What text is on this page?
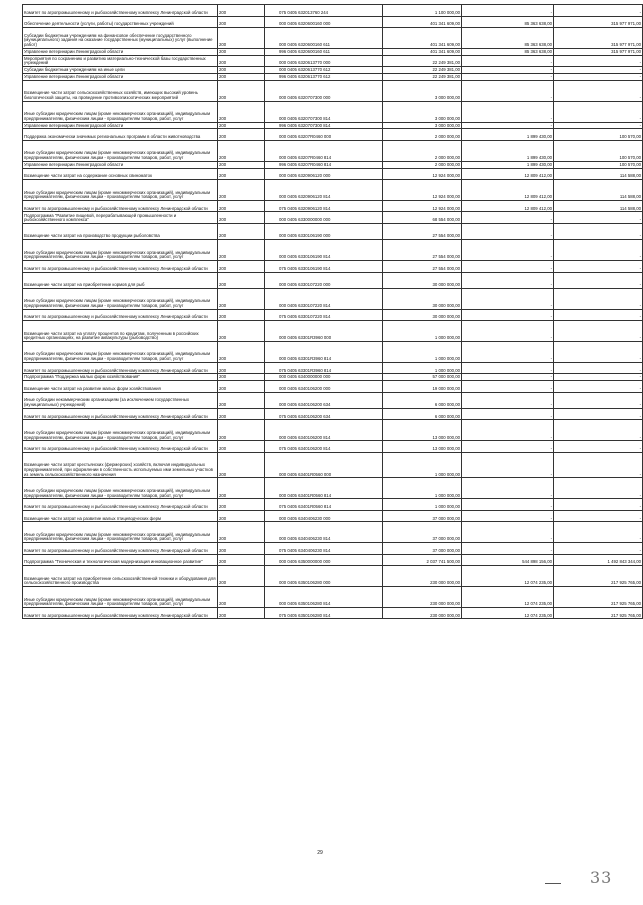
Комитет по агропромышленному и рыбохозяйственному комплексу Ленинградской области	200	075 0405 632013760 244	1 100 000,00	-	-
Обеспечение деятельности (услуги, работы) государственных учреждений	200	000 0405 6320600160 000	401 341 609,00	85 363 638,00	315 977 971,00
Субсидии бюджетным учреждениям на финансовое обеспечение государственного (муниципального) задания на оказание государственных (муниципальных) услуг (выполнение работ)	200	000 0405 6320600160 611	401 341 609,00	85 363 638,00	315 977 971,00
Управление ветеринарии Ленинградской области	200	996 0405 6320600160 611	401 341 609,00	85 363 638,00	315 977 971,00
Мероприятия по сохранению и развитию материально-технической базы государственных учреждений	200	000 0405 6320613770 000	22 249 381,00	-	-
Субсидии бюджетным учреждениям на иные цели	200	000 0405 6320613770 612	22 249 381,00	-	-
Управление ветеринарии Ленинградской области	200	996 0405 6320613770 612	22 249 381,00	-	-
Возмещение части затрат сельскохозяйственных хозяйств, имеющих высокий уровень биологической защиты, на проведение противоэпизоотических мероприятий	200	000 0405 6320707300 000	3 000 000,00	-	-
Иные субсидии юридическим лицам (кроме некоммерческих организаций), индивидуальным предпринимателям, физическим лицам - производителям товаров, работ, услуг	200	000 0405 6320707300 814	3 000 000,00	-	-
Управление ветеринарии Ленинградской области	200	996 0405 6320707300 814	3 000 000,00	-	-
Поддержка экономически значимых региональных программ в области животноводства	200	000 0405 63207R0460 000	2 000 000,00	1 899 430,00	100 570,00
Иные субсидии юридическим лицам (кроме некоммерческих организаций), индивидуальным предпринимателям, физическим лицам - производителям товаров, работ, услуг	200	000 0405 63207R0460 814	2 000 000,00	1 899 430,00	100 570,00
Управление ветеринарии Ленинградской области	200	996 0405 63207R0460 814	2 000 000,00	1 899 430,00	100 570,00
Возмещение части затрат на содержание основных свиноматок	200	000 0405 6320906120 000	12 924 000,00	12 809 412,00	114 588,00
Иные субсидии юридическим лицам (кроме некоммерческих организаций), индивидуальным предпринимателям, физическим лицам - производителям товаров, работ, услуг	200	000 0405 6320906120 814	12 924 000,00	12 809 412,00	114 588,00
Комитет по агропромышленному и рыбохозяйственному комплексу Ленинградской области	200	075 0405 6320906120 814	12 924 000,00	12 809 412,00	114 588,00
Подпрограмма "Развитие пищевой, перерабатывающей промышленности и рыбохозяйственного комплекса"	200	000 0405 6330000000 000	68 554 000,00	-	-
Возмещение части затрат на производство продукции рыболовства	200	000 0405 6330106190 000	27 554 000,00	-	-
Иные субсидии юридическим лицам (кроме некоммерческих организаций), индивидуальным предпринимателям, физическим лицам - производителям товаров, работ, услуг	200	000 0405 6330106190 814	27 554 000,00	-	-
Комитет по агропромышленному и рыбохозяйственному комплексу Ленинградской области	200	075 0405 6330106190 814	27 554 000,00	-	-
Возмещение части затрат на приобретение кормов для рыб	200	000 0405 6330107220 000	30 000 000,00	-	-
Иные субсидии юридическим лицам (кроме некоммерческих организаций), индивидуальным предпринимателям, физическим лицам - производителям товаров, работ, услуг	200	000 0405 6330107220 814	30 000 000,00	-	-
Комитет по агропромышленному и рыбохозяйственному комплексу Ленинградской области	200	075 0405 6330107220 814	30 000 000,00	-	-
Возмещение части затрат на уплату процентов по кредитам, полученным в российских кредитных организациях, на развитие аквакультуры (рыбоводство)	200	000 0405 63301R3960 000	1 000 000,00	-	-
Иные субсидии юридическим лицам (кроме некоммерческих организаций), индивидуальным предпринимателям, физическим лицам - производителям товаров, работ, услуг	200	000 0405 63301R3960 814	1 000 000,00	-	-
Комитет по агропромышленному и рыбохозяйственному комплексу Ленинградской области	200	075 0405 63301R3960 814	1 000 000,00	-	-
Подпрограмма "Поддержка малых форм хозяйствования"	200	000 0405 6340000000 000	57 000 000,00	-	-
Возмещение части затрат на развитие малых форм хозяйствования	200	000 0405 6340106200 000	19 000 000,00	-	-
Иные субсидии некоммерческим организациям (за исключением государственных (муниципальных) учреждений)	200	000 0405 6340106200 634	6 000 000,00	-	-
Комитет по агропромышленному и рыбохозяйственному комплексу Ленинградской области	200	075 0405 6340106200 634	6 000 000,00	-	-
Иные субсидии юридическим лицам (кроме некоммерческих организаций), индивидуальным предпринимателям, физическим лицам - производителям товаров, работ, услуг	200	000 0405 6340106200 814	13 000 000,00	-	-
Комитет по агропромышленному и рыбохозяйственному комплексу Ленинградской области	200	075 0405 6340106200 814	13 000 000,00	-	-
Возмещение части затрат крестьянских (фермерских) хозяйств, включая индивидуальных предпринимателей, при оформлении в собственность используемых ими земельных участков из земель сельскохозяйственного назначения	200	000 0405 63401R0560 000	1 000 000,00	-	-
Иные субсидии юридическим лицам (кроме некоммерческих организаций), индивидуальным предпринимателям, физическим лицам - производителям товаров, работ, услуг	200	000 0405 63401R0560 814	1 000 000,00	-	-
Комитет по агропромышленному и рыбохозяйственному комплексу Ленинградской области	200	075 0405 63401R0560 814	1 000 000,00	-	-
Возмещение части затрат на развитие малых птицеводческих ферм	200	000 0405 6340406230 000	37 000 000,00	-	-
Иные субсидии юридическим лицам (кроме некоммерческих организаций), индивидуальным предпринимателям, физическим лицам - производителям товаров, работ, услуг	200	000 0405 6340406230 814	37 000 000,00	-	-
Комитет по агропромышленному и рыбохозяйственному комплексу Ленинградской области	200	075 0405 6340406230 814	37 000 000,00	-	-
Подпрограмма "Техническая и технологическая модернизация инновационное развитие"	200	000 0405 6350000000 000	2 037 741 500,00	544 898 156,00	1 492 843 344,00
Возмещение части затрат на приобретение сельскохозяйственной техники и оборудования для сельскохозяйственного производства	200	000 0405 6350106280 000	230 000 000,00	12 074 235,00	217 925 765,00
Иные субсидии юридическим лицам (кроме некоммерческих организаций), индивидуальным предпринимателям, физическим лицам - производителям товаров, работ, услуг	200	000 0405 6350106280 814	230 000 000,00	12 074 235,00	217 925 765,00
Комитет по агропромышленному и рыбохозяйственному комплексу Ленинградской области	200	075 0405 6350106280 814	230 000 000,00	12 074 235,00	217 925 765,00
29
33
